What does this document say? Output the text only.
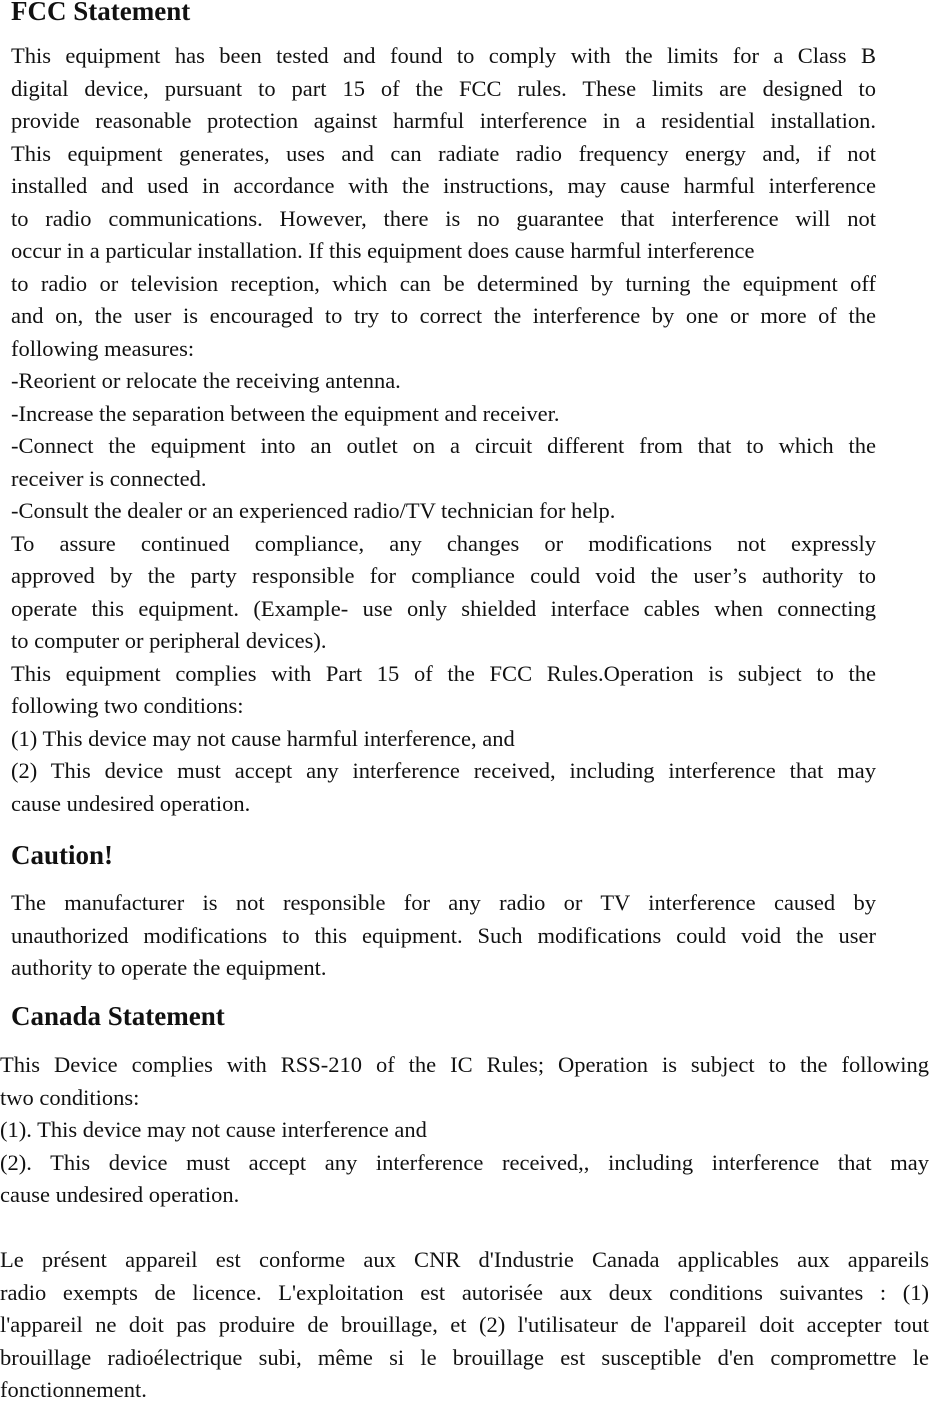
FCC Statement
This equipment has been tested and found to comply with the limits for a Class B
digital device, pursuant to part 15 of the FCC rules. These limits are designed to
provide reasonable protection against harmful interference in a residential installation.
This equipment generates, uses and can radiate radio frequency energy and, if not
installed and used in accordance with the instructions, may cause harmful interference
to radio communications. However, there is no guarantee that interference will not
occur in a particular installation. If this equipment does cause harmful interference
to radio or television reception, which can be determined by turning the equipment off
and on, the user is encouraged to try to correct the interference by one or more of the
following measures:
-Reorient or relocate the receiving antenna.
-Increase the separation between the equipment and receiver.
-Connect the equipment into an outlet on a circuit different from that to which the
receiver is connected.
-Consult the dealer or an experienced radio/TV technician for help.
To assure continued compliance, any changes or modifications not expressly
approved by the party responsible for compliance could void the user’s authority to
operate this equipment. (Example- use only shielded interface cables when connecting
to computer or peripheral devices).
This equipment complies with Part 15 of the FCC Rules.Operation is subject to the
following two conditions:
(1) This device may not cause harmful interference, and
(2) This device must accept any interference received, including interference that may
cause undesired operation.
Caution!
The manufacturer is not responsible for any radio or TV interference caused by
unauthorized modifications to this equipment. Such modifications could void the user
authority to operate the equipment.
Canada Statement
This Device complies with RSS-210 of the IC Rules; Operation is subject to the following
two conditions:
(1). This device may not cause interference and
(2). This device must accept any interference received,, including interference that may
cause undesired operation.
Le présent appareil est conforme aux CNR d'Industrie Canada applicables aux appareils
radio exempts de licence. L'exploitation est autorisée aux deux conditions suivantes : (1)
l'appareil ne doit pas produire de brouillage, et (2) l'utilisateur de l'appareil doit accepter tout
brouillage radioélectrique subi, même si le brouillage est susceptible d'en compromettre le
fonctionnement.
